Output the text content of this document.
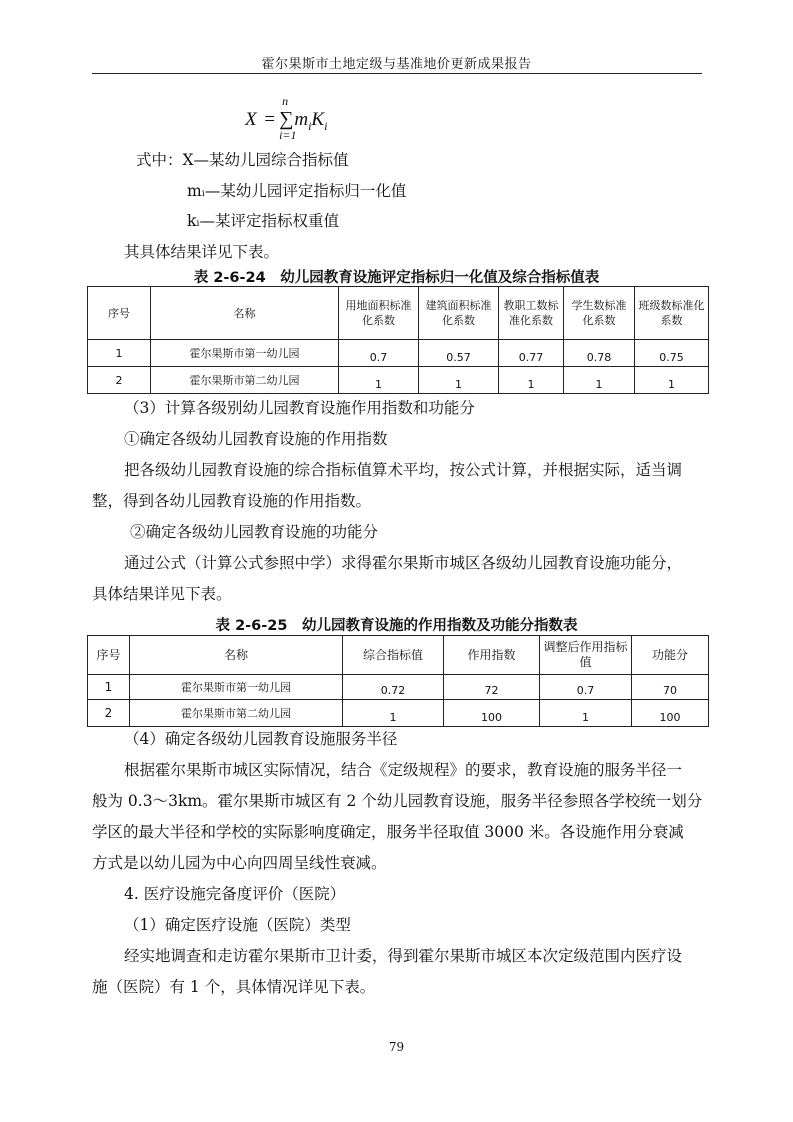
霍尔果斯市土地定级与基准地价更新成果报告
X = ∑
n
i=1
$m_iK_i$
式中：X—某幼儿园综合指标值
mᵢ—某幼儿园评定指标归一化值
kᵢ—某评定指标权重值
其具体结果详见下表。
表 2-6-24　幼儿园教育设施评定指标归一化值及综合指标值表
序号	名称	用地面积标准化系数	建筑面积标准化系数	教职工数标准化系数	学生数标准化系数	班级数标准化系数
1	霍尔果斯市第一幼儿园	0.7	0.57	0.77	0.78	0.75
2	霍尔果斯市第二幼儿园	1	1	1	1	1
（3）计算各级别幼儿园教育设施作用指数和功能分
①确定各级幼儿园教育设施的作用指数
把各级幼儿园教育设施的综合指标值算术平均，按公式计算，并根据实际，适当调
整，得到各幼儿园教育设施的作用指数。
②确定各级幼儿园教育设施的功能分
通过公式（计算公式参照中学）求得霍尔果斯市城区各级幼儿园教育设施功能分，
具体结果详见下表。
表 2-6-25　幼儿园教育设施的作用指数及功能分指数表
序号	名称	综合指标值	作用指数	调整后作用指标值	功能分
1	霍尔果斯市第一幼儿园	0.72	72	0.7	70
2	霍尔果斯市第二幼儿园	1	100	1	100
（4）确定各级幼儿园教育设施服务半径
根据霍尔果斯市城区实际情况，结合《定级规程》的要求，教育设施的服务半径一
般为 0.3～3km。霍尔果斯市城区有 2 个幼儿园教育设施，服务半径参照各学校统一划分
学区的最大半径和学校的实际影响度确定，服务半径取值 3000 米。各设施作用分衰减
方式是以幼儿园为中心向四周呈线性衰减。
4. 医疗设施完备度评价（医院）
（1）确定医疗设施（医院）类型
经实地调查和走访霍尔果斯市卫计委，得到霍尔果斯市城区本次定级范围内医疗设
施（医院）有 1 个，具体情况详见下表。
79
